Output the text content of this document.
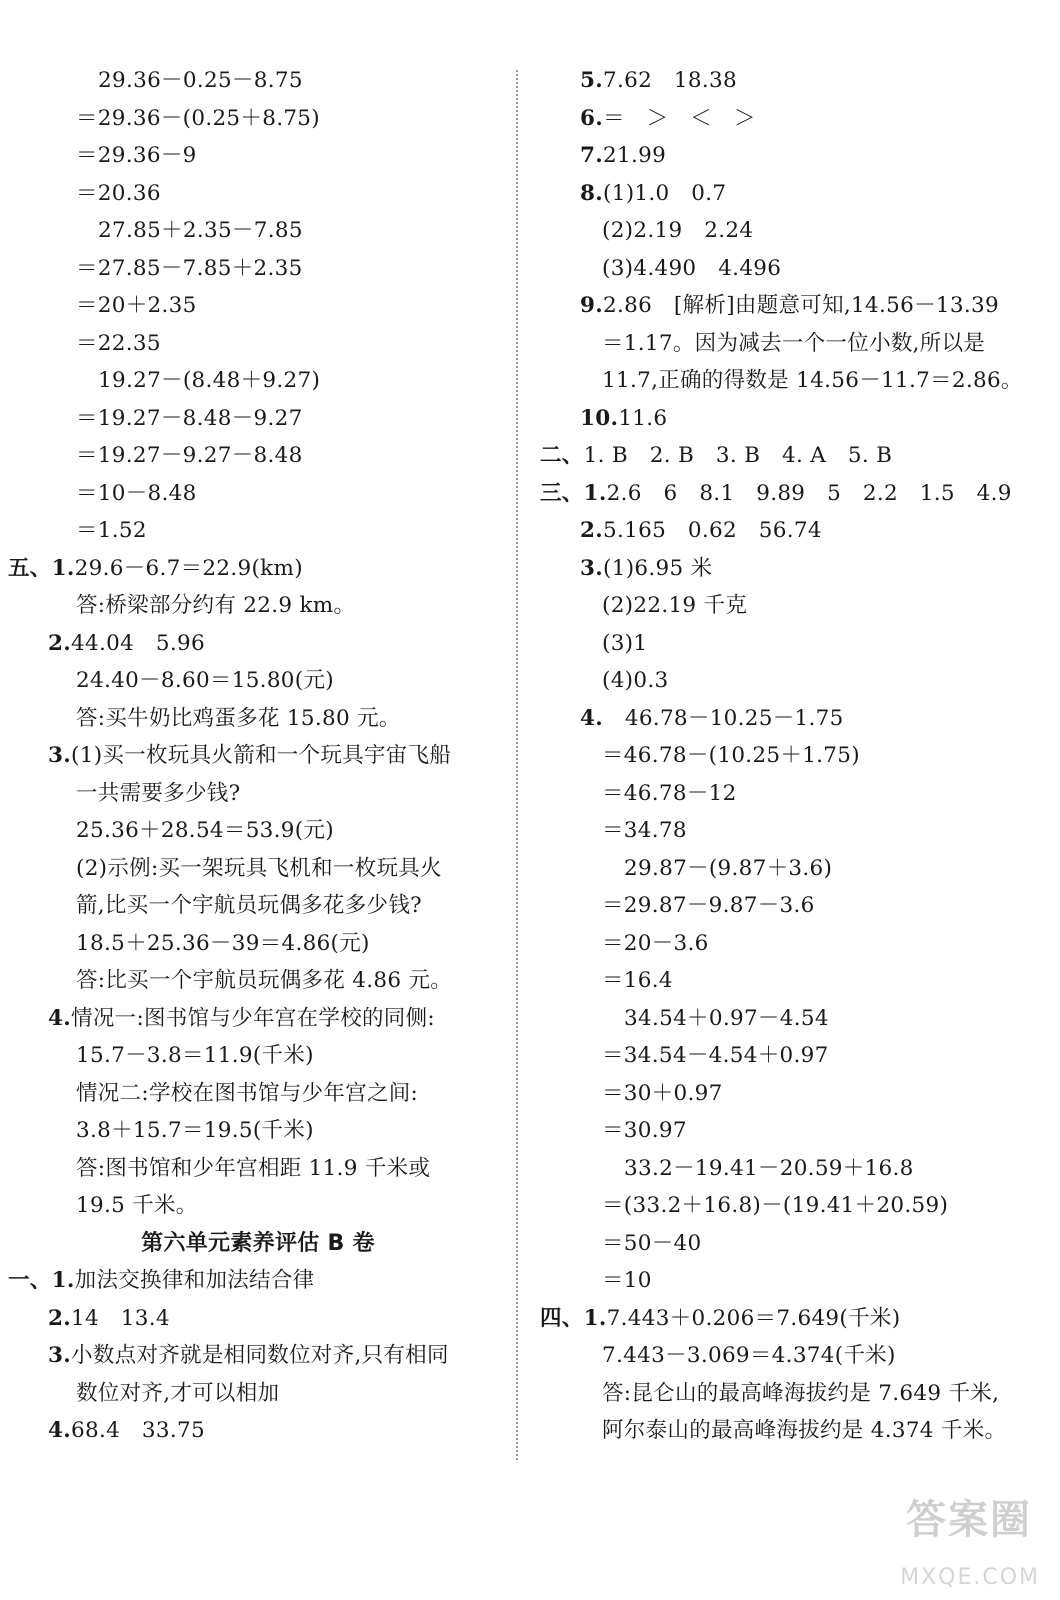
29.36－0.25－8.75
＝29.36－(0.25＋8.75)
＝29.36－9
＝20.36
27.85＋2.35－7.85
＝27.85－7.85＋2.35
＝20＋2.35
＝22.35
19.27－(8.48＋9.27)
＝19.27－8.48－9.27
＝19.27－9.27－8.48
＝10－8.48
＝1.52
五、1.29.6－6.7＝22.9(km)
答:桥梁部分约有 22.9 km。
2.44.04　5.96
24.40－8.60＝15.80(元)
答:买牛奶比鸡蛋多花 15.80 元。
3.(1)买一枚玩具火箭和一个玩具宇宙飞船
一共需要多少钱?
25.36＋28.54＝53.9(元)
(2)示例:买一架玩具飞机和一枚玩具火
箭,比买一个宇航员玩偶多花多少钱?
18.5＋25.36－39＝4.86(元)
答:比买一个宇航员玩偶多花 4.86 元。
4.情况一:图书馆与少年宫在学校的同侧:
15.7－3.8＝11.9(千米)
情况二:学校在图书馆与少年宫之间:
3.8＋15.7＝19.5(千米)
答:图书馆和少年宫相距 11.9 千米或
19.5 千米。
第六单元素养评估 B 卷
一、1.加法交换律和加法结合律
2.14　13.4
3.小数点对齐就是相同数位对齐,只有相同
数位对齐,才可以相加
4.68.4　33.75
5.7.62　18.38
6.＝　＞　＜　＞
7.21.99
8.(1)1.0　0.7
(2)2.19　2.24
(3)4.490　4.496
9.2.86　[解析]由题意可知,14.56－13.39
＝1.17。因为减去一个一位小数,所以是
11.7,正确的得数是 14.56－11.7＝2.86。
10.11.6
二、1. B　2. B　3. B　4. A　5. B
三、1.2.6　6　8.1　9.89　5　2.2　1.5　4.9
2.5.165　0.62　56.74
3.(1)6.95 米
(2)22.19 千克
(3)1
(4)0.3
4.　46.78－10.25－1.75
＝46.78－(10.25＋1.75)
＝46.78－12
＝34.78
29.87－(9.87＋3.6)
＝29.87－9.87－3.6
＝20－3.6
＝16.4
34.54＋0.97－4.54
＝34.54－4.54＋0.97
＝30＋0.97
＝30.97
33.2－19.41－20.59＋16.8
＝(33.2＋16.8)－(19.41＋20.59)
＝50－40
＝10
四、1.7.443＋0.206＝7.649(千米)
7.443－3.069＝4.374(千米)
答:昆仑山的最高峰海拔约是 7.649 千米,
阿尔泰山的最高峰海拔约是 4.374 千米。
答案圈
MXQE.COM
